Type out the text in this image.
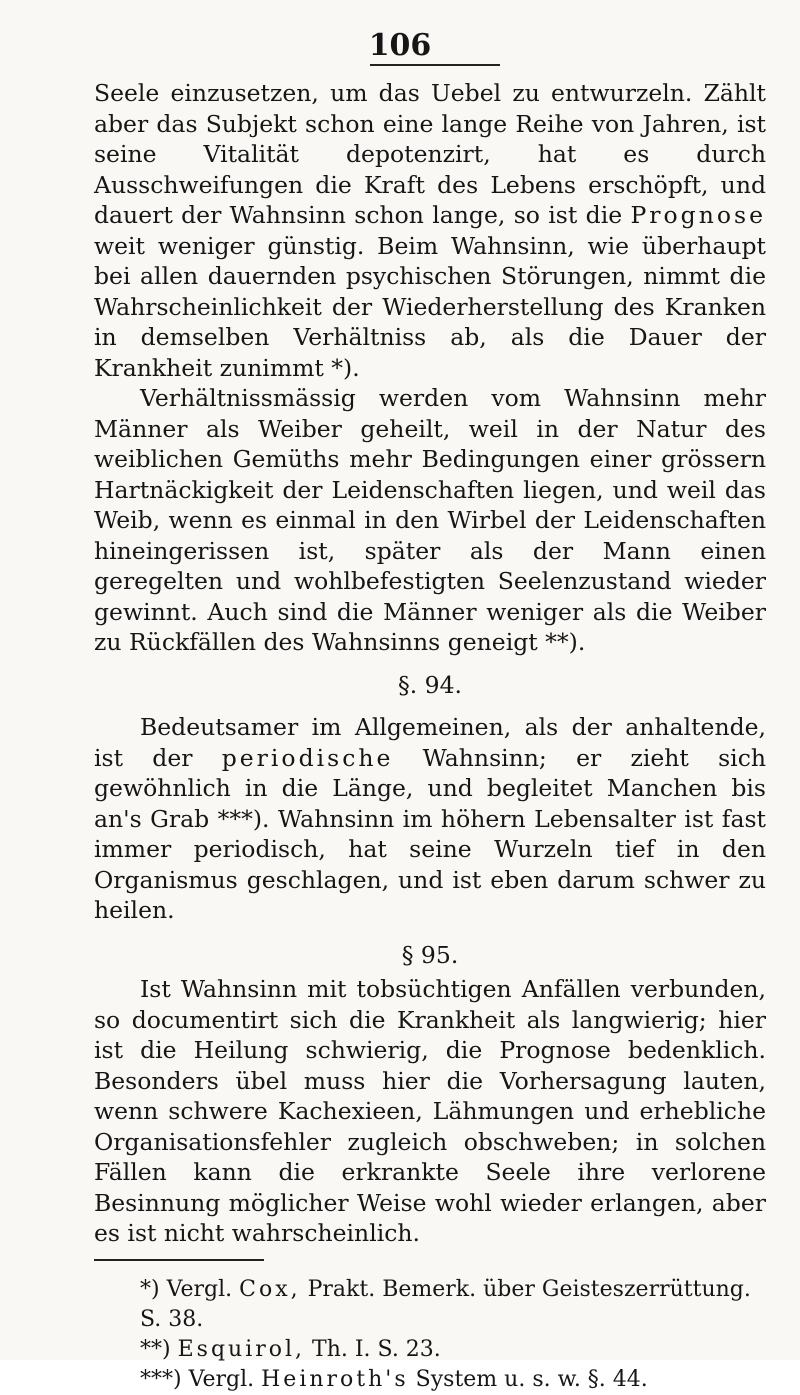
106

Seele einzusetzen, um das Uebel zu entwurzeln. Zählt aber das Subjekt schon eine lange Reihe von Jahren, ist seine Vitalität depotenzirt, hat es durch Ausschweifungen die Kraft des Lebens erschöpft, und dauert der Wahnsinn schon lange, so ist die Prognose weit weniger günstig. Beim Wahnsinn, wie überhaupt bei allen dauernden psychischen Störungen, nimmt die Wahrscheinlichkeit der Wiederherstellung des Kranken in demselben Verhältniss ab, als die Dauer der Krankheit zunimmt *).

Verhältnissmässig werden vom Wahnsinn mehr Männer als Weiber geheilt, weil in der Natur des weiblichen Gemüths mehr Bedingungen einer grössern Hartnäckigkeit der Leidenschaften liegen, und weil das Weib, wenn es einmal in den Wirbel der Leidenschaften hineingerissen ist, später als der Mann einen geregelten und wohlbefestigten Seelenzustand wieder gewinnt. Auch sind die Männer weniger als die Weiber zu Rückfällen des Wahnsinns geneigt **).

§. 94.

Bedeutsamer im Allgemeinen, als der anhaltende, ist der periodische Wahnsinn; er zieht sich gewöhnlich in die Länge, und begleitet Manchen bis an's Grab ***). Wahnsinn im höhern Lebensalter ist fast immer periodisch, hat seine Wurzeln tief in den Organismus geschlagen, und ist eben darum schwer zu heilen.

§ 95.

Ist Wahnsinn mit tobsüchtigen Anfällen verbunden, so documentirt sich die Krankheit als langwierig; hier ist die Heilung schwierig, die Prognose bedenklich. Besonders übel muss hier die Vorhersagung lauten, wenn schwere Kachexieen, Lähmungen und erhebliche Organisationsfehler zugleich obschweben; in solchen Fällen kann die erkrankte Seele ihre verlorene Besinnung möglicher Weise wohl wieder erlangen, aber es ist nicht wahrscheinlich.

*) Vergl. Cox, Prakt. Bemerk. über Geisteszerrüttung. S. 38.

**) Esquirol, Th. I. S. 23.

***) Vergl. Heinroth's System u. s. w. §. 44.
